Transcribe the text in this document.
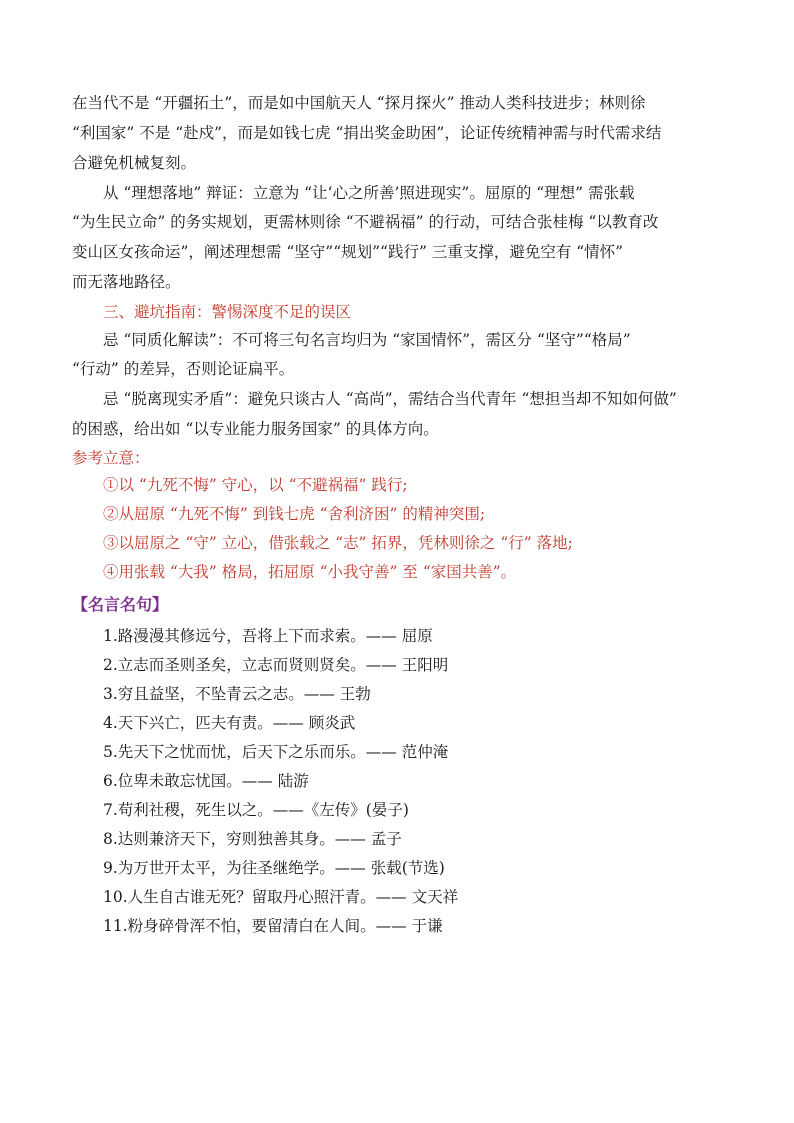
在当代不是 “开疆拓土”，而是如中国航天人 “探月探火” 推动人类科技进步；林则徐
“利国家” 不是 “赴戍”，而是如钱七虎 “捐出奖金助困”，论证传统精神需与时代需求结
合避免机械复刻。
从 “理想落地” 辩证：立意为 “让‘心之所善’照进现实”。屈原的 “理想” 需张载
“为生民立命” 的务实规划，更需林则徐 “不避祸福” 的行动，可结合张桂梅 “以教育改
变山区女孩命运”，阐述理想需 “坚守”“规划”“践行” 三重支撑，避免空有 “情怀”
而无落地路径。
三、避坑指南：警惕深度不足的误区
忌 “同质化解读”：不可将三句名言均归为 “家国情怀”，需区分 “坚守”“格局”
“行动” 的差异，否则论证扁平。
忌 “脱离现实矛盾”：避免只谈古人 “高尚”，需结合当代青年 “想担当却不知如何做”
的困惑，给出如 “以专业能力服务国家” 的具体方向。
参考立意：
①以 “九死不悔” 守心，以 “不避祸福” 践行;
②从屈原 “九死不悔” 到钱七虎 “舍利济困” 的精神突围;
③以屈原之 “守” 立心，借张载之 “志” 拓界，凭林则徐之 “行” 落地;
④用张载 “大我” 格局，拓屈原 “小我守善” 至 “家国共善”。
【名言名句】
1.路漫漫其修远兮，吾将上下而求索。—— 屈原
2.立志而圣则圣矣，立志而贤则贤矣。—— 王阳明
3.穷且益坚，不坠青云之志。—— 王勃
4.天下兴亡，匹夫有责。—— 顾炎武
5.先天下之忧而忧，后天下之乐而乐。—— 范仲淹
6.位卑未敢忘忧国。—— 陆游
7.苟利社稷，死生以之。——《左传》(晏子)
8.达则兼济天下，穷则独善其身。—— 孟子
9.为万世开太平，为往圣继绝学。—— 张载(节选)
10.人生自古谁无死？留取丹心照汗青。—— 文天祥
11.粉身碎骨浑不怕，要留清白在人间。—— 于谦
